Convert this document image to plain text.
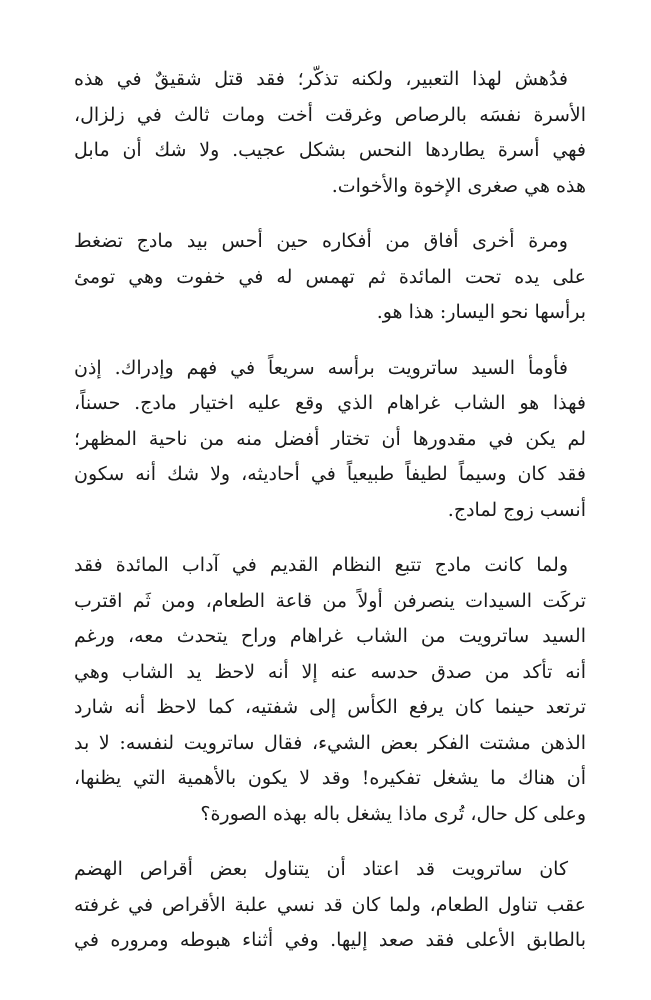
فدُهش لهذا التعبير، ولكنه تذكّر؛ فقد قتل شقيقٌ في هذه
الأسرة نفسَه بالرصاص وغرقت أخت ومات ثالث في زلزال،
فهي أسرة يطاردها النحس بشكل عجيب. ولا شك أن مابل
هذه هي صغرى الإخوة والأخوات.

ومرة أخرى أفاق من أفكاره حين أحس بيد مادج تضغط
على يده تحت المائدة ثم تهمس له في خفوت وهي تومئ
برأسها نحو اليسار: هذا هو.

فأومأ السيد ساترويت برأسه سريعاً في فهم وإدراك. إذن
فهذا هو الشاب غراهام الذي وقع عليه اختيار مادج. حسناً،
لم يكن في مقدورها أن تختار أفضل منه من ناحية المظهر؛
فقد كان وسيماً لطيفاً طبيعياً في أحاديثه، ولا شك أنه سكون
أنسب زوج لمادج.

ولما كانت مادج تتبع النظام القديم في آداب المائدة فقد
تركَت السيدات ينصرفن أولاً من قاعة الطعام، ومن ثَم اقترب
السيد ساترويت من الشاب غراهام وراح يتحدث معه، ورغم
أنه تأكد من صدق حدسه عنه إلا أنه لاحظ يد الشاب وهي
ترتعد حينما كان يرفع الكأس إلى شفتيه، كما لاحظ أنه شارد
الذهن مشتت الفكر بعض الشيء، فقال ساترويت لنفسه: لا بد
أن هناك ما يشغل تفكيره! وقد لا يكون بالأهمية التي يظنها،
وعلى كل حال، تُرى ماذا يشغل باله بهذه الصورة؟

كان ساترويت قد اعتاد أن يتناول بعض أقراص الهضم
عقب تناول الطعام، ولما كان قد نسي علبة الأقراص في غرفته
بالطابق الأعلى فقد صعد إليها. وفي أثناء هبوطه ومروره في
